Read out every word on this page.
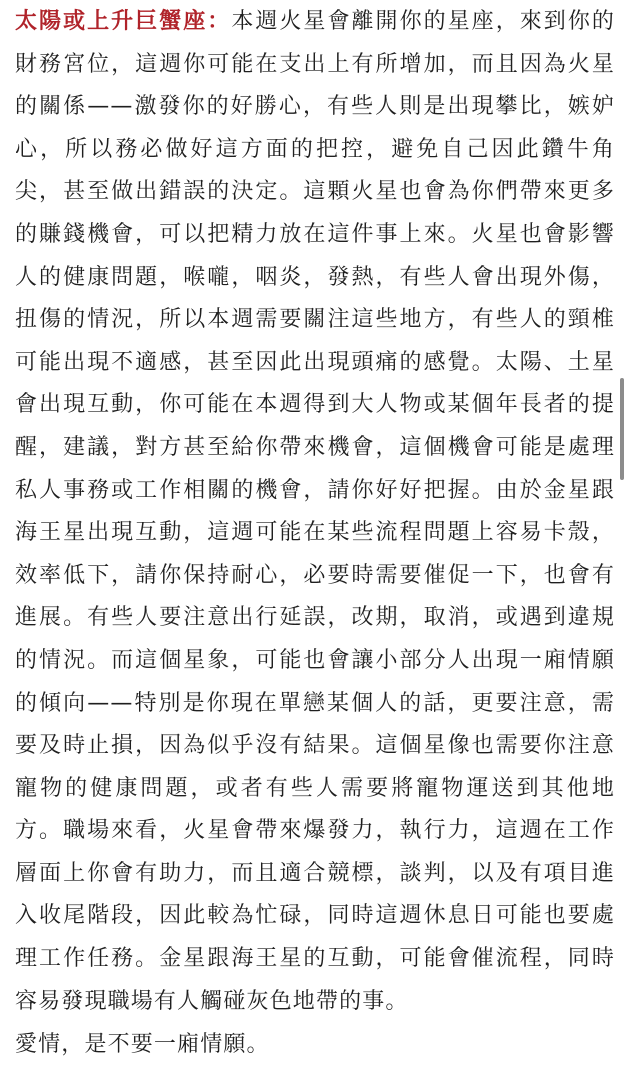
太陽或上升巨蟹座：本週火星會離開你的星座，來到你的財務宮位，這週你可能在支出上有所增加，而且因為火星的關係——激發你的好勝心，有些人則是出現攀比，嫉妒心，所以務必做好這方面的把控，避免自己因此鑽牛角尖，甚至做出錯誤的決定。這顆火星也會為你們帶來更多的賺錢機會，可以把精力放在這件事上來。火星也會影響人的健康問題，喉嚨，咽炎，發熱，有些人會出現外傷，扭傷的情況，所以本週需要關注這些地方，有些人的頸椎可能出現不適感，甚至因此出現頭痛的感覺。太陽、土星會出現互動，你可能在本週得到大人物或某個年長者的提醒，建議，對方甚至給你帶來機會，這個機會可能是處理私人事務或工作相關的機會，請你好好把握。由於金星跟海王星出現互動，這週可能在某些流程問題上容易卡殼，效率低下，請你保持耐心，必要時需要催促一下，也會有進展。有些人要注意出行延誤，改期，取消，或遇到違規的情況。而這個星象，可能也會讓小部分人出現一廂情願的傾向——特別是你現在單戀某個人的話，更要注意，需要及時止損，因為似乎沒有結果。這個星像也需要你注意寵物的健康問題，或者有些人需要將寵物運送到其他地方。職場來看，火星會帶來爆發力，執行力，這週在工作層面上你會有助力，而且適合競標，談判，以及有項目進入收尾階段，因此較為忙碌，同時這週休息日可能也要處理工作任務。金星跟海王星的互動，可能會催流程，同時容易發現職場有人觸碰灰色地帶的事。

愛情，是不要一廂情願。
